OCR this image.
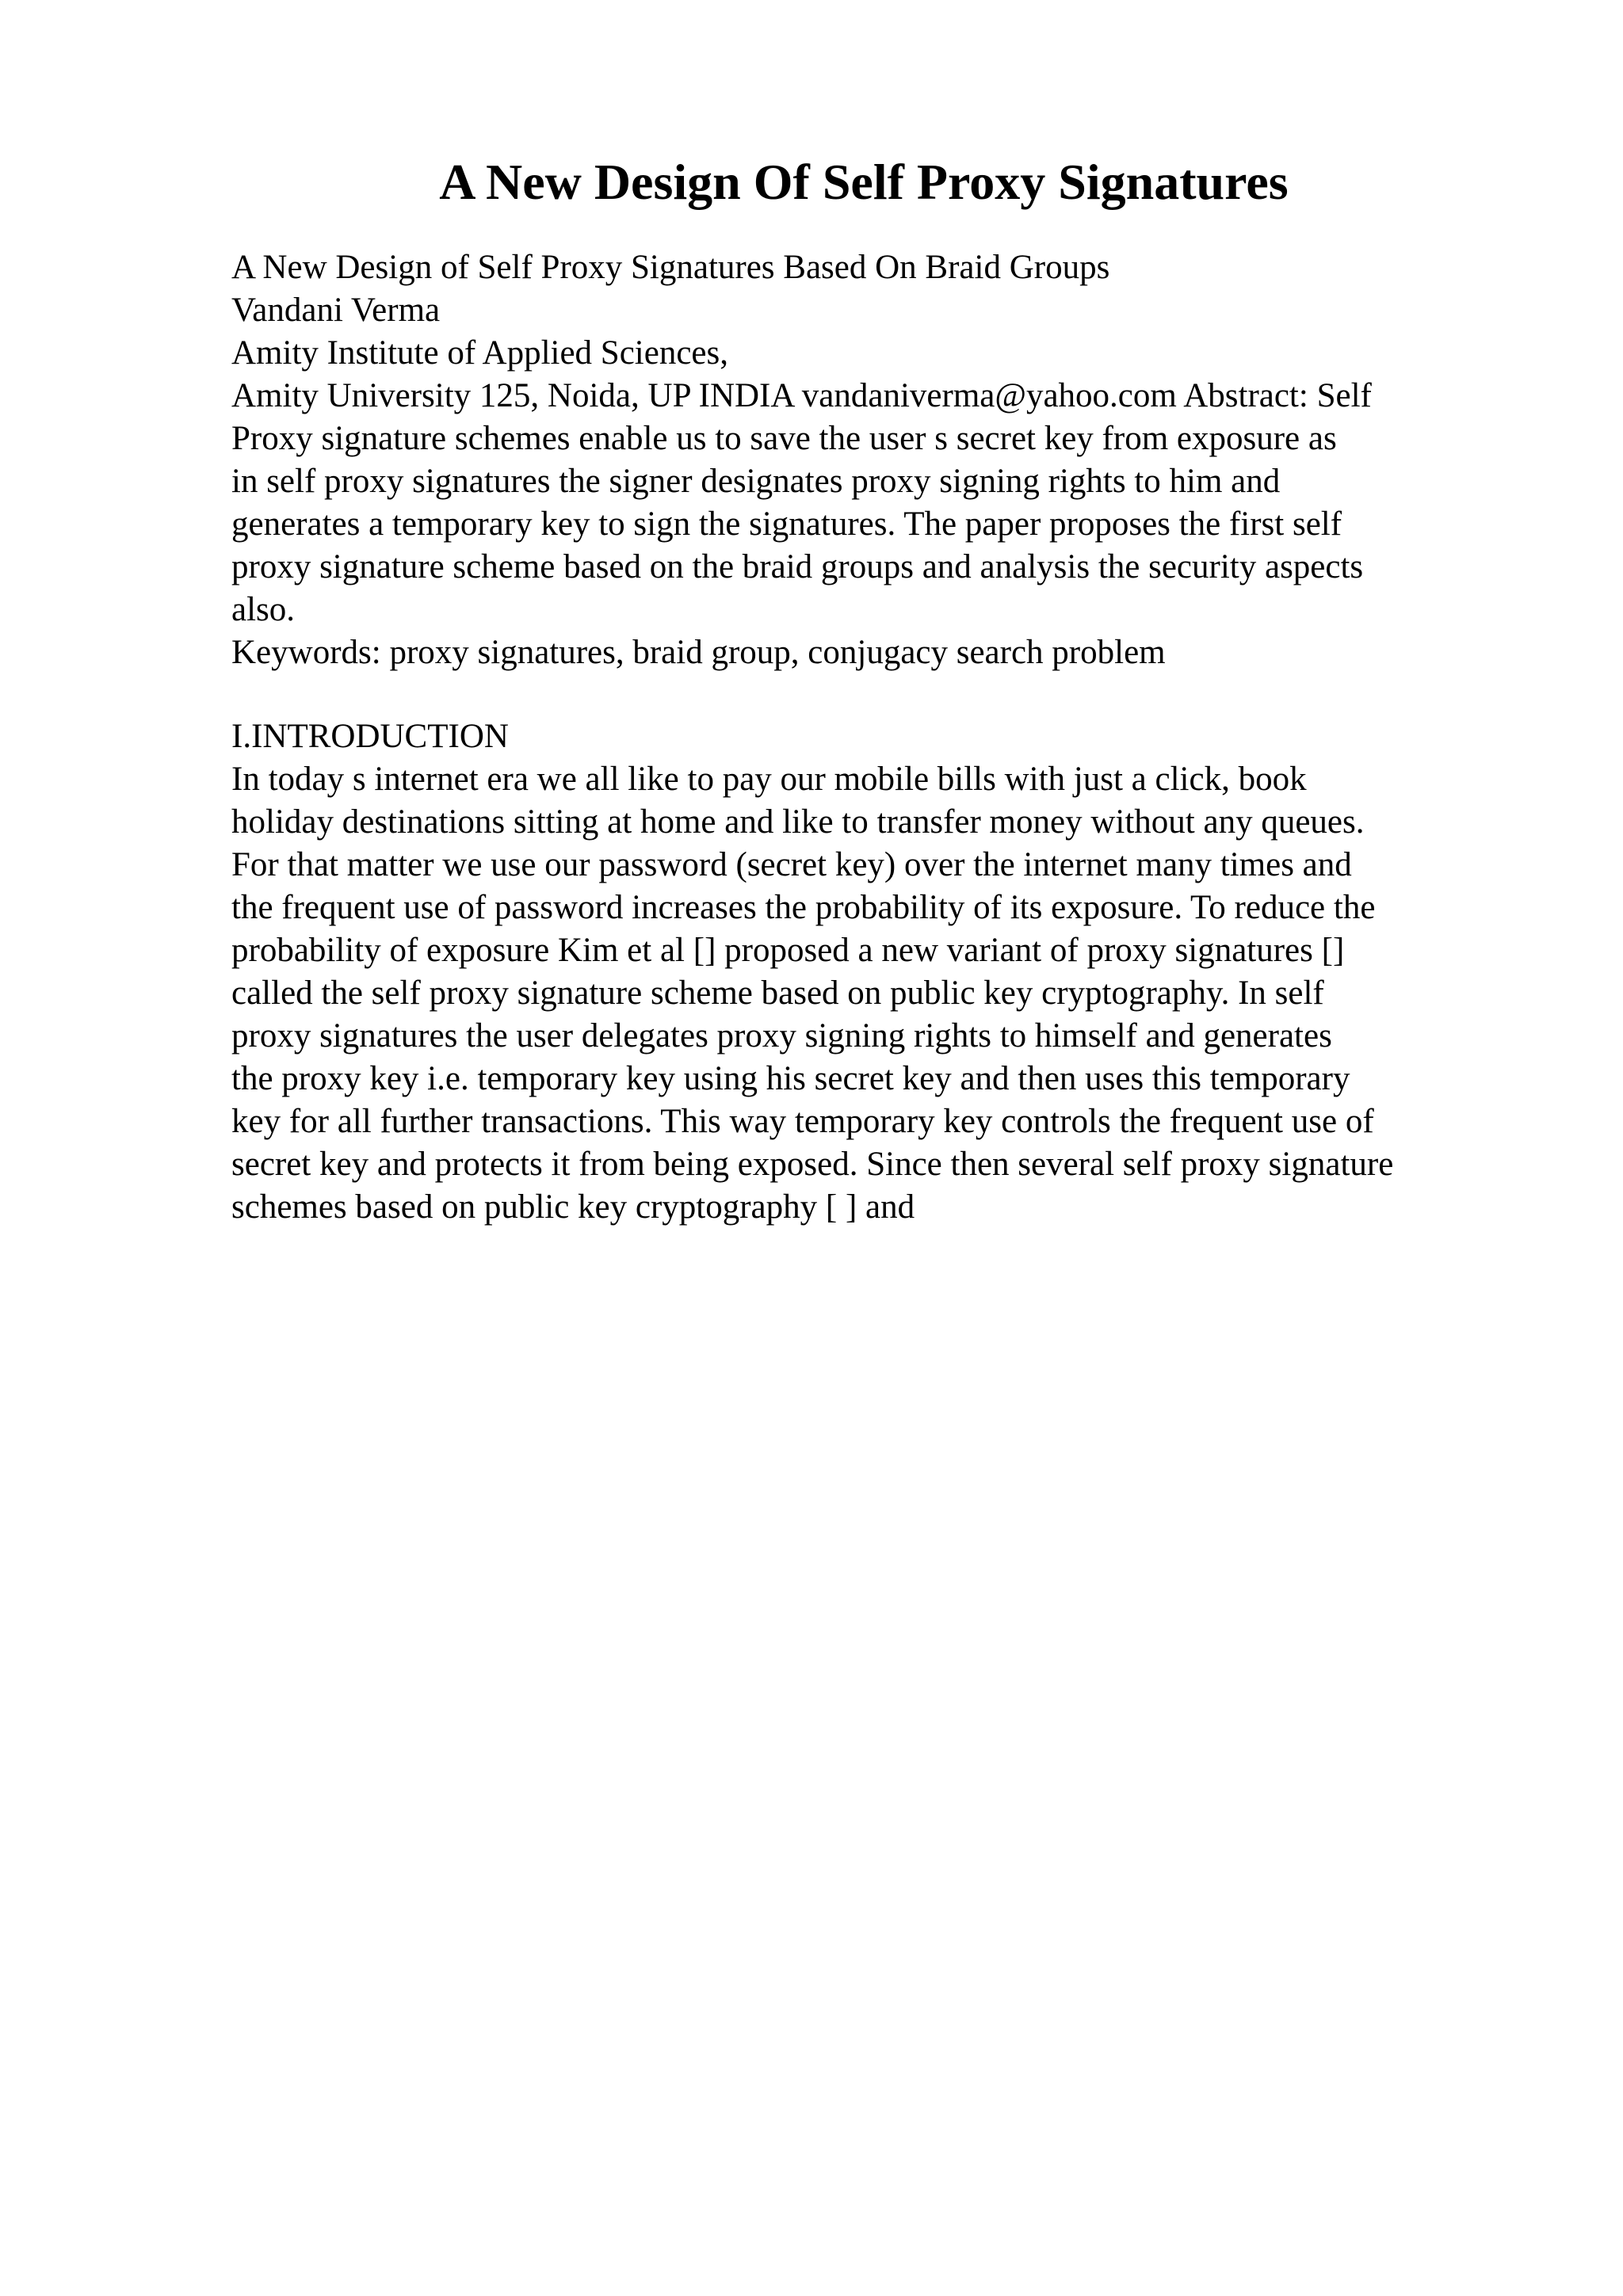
A New Design Of Self Proxy Signatures
A New Design of Self Proxy Signatures Based On Braid Groups
Vandani Verma
Amity Institute of Applied Sciences,
Amity University 125, Noida, UP INDIA vandaniverma@yahoo.com Abstract: Self
Proxy signature schemes enable us to save the user s secret key from exposure as
in self proxy signatures the signer designates proxy signing rights to him and
generates a temporary key to sign the signatures. The paper proposes the first self
proxy signature scheme based on the braid groups and analysis the security aspects
also.
Keywords: proxy signatures, braid group, conjugacy search problem
I.INTRODUCTION
In today s internet era we all like to pay our mobile bills with just a click, book
holiday destinations sitting at home and like to transfer money without any queues.
For that matter we use our password (secret key) over the internet many times and
the frequent use of password increases the probability of its exposure. To reduce the
probability of exposure Kim et al [] proposed a new variant of proxy signatures []
called the self proxy signature scheme based on public key cryptography. In self
proxy signatures the user delegates proxy signing rights to himself and generates
the proxy key i.e. temporary key using his secret key and then uses this temporary
key for all further transactions. This way temporary key controls the frequent use of
secret key and protects it from being exposed. Since then several self proxy signature
schemes based on public key cryptography [ ] and
